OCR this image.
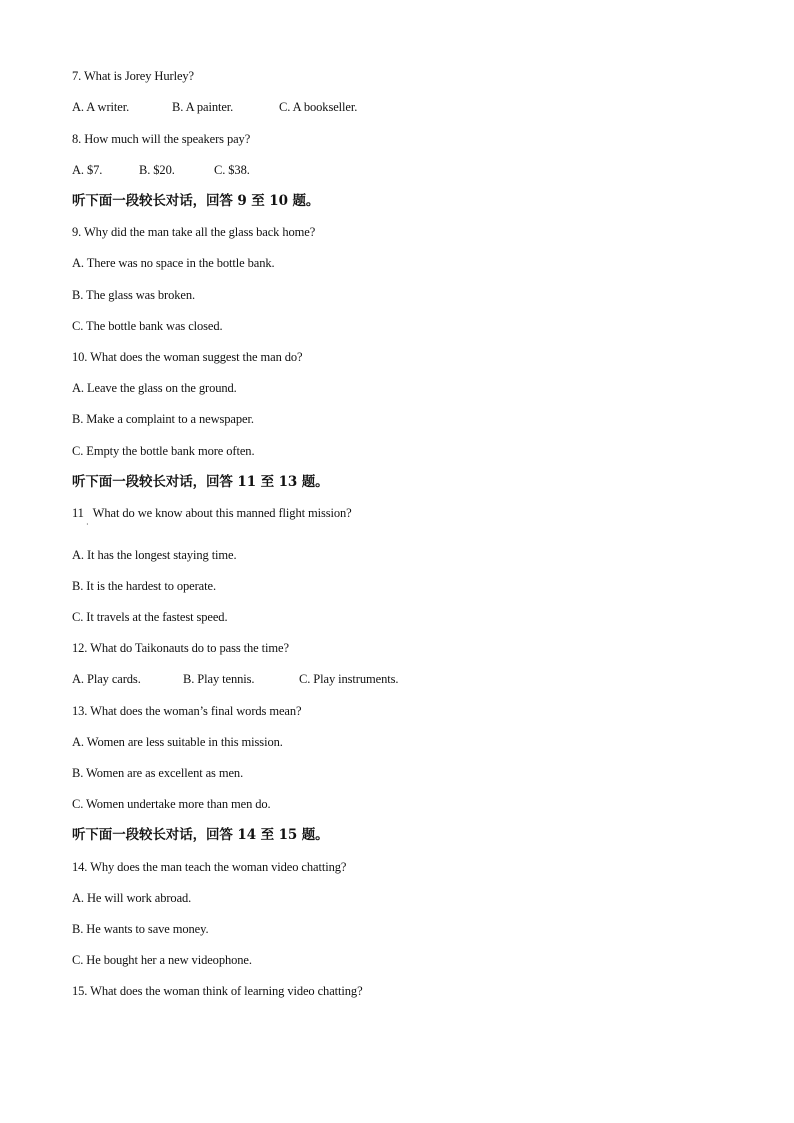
7. What is Jorey Hurley?
A. A writer.	B. A painter.	C. A bookseller.
8. How much will the speakers pay?
A. $7.	B. $20.	C. $38.
听下面一段较长对话，回答 9 至 10 题。
9. Why did the man take all the glass back home?
A. There was no space in the bottle bank.
B. The glass was broken.
C. The bottle bank was closed.
10. What does the woman suggest the man do?
A. Leave the glass on the ground.
B. Make a complaint to a newspaper.
C. Empty the bottle bank more often.
听下面一段较长对话，回答 11 至 13 题。
11   What do we know about this manned flight mission?
·
A. It has the longest staying time.
B. It is the hardest to operate.
C. It travels at the fastest speed.
12. What do Taikonauts do to pass the time?
A. Play cards.	B. Play tennis.	C. Play instruments.
13. What does the woman’s final words mean?
A. Women are less suitable in this mission.
B. Women are as excellent as men.
C. Women undertake more than men do.
听下面一段较长对话，回答 14 至 15 题。
14. Why does the man teach the woman video chatting?
A. He will work abroad.
B. He wants to save money.
C. He bought her a new videophone.
15. What does the woman think of learning video chatting?
